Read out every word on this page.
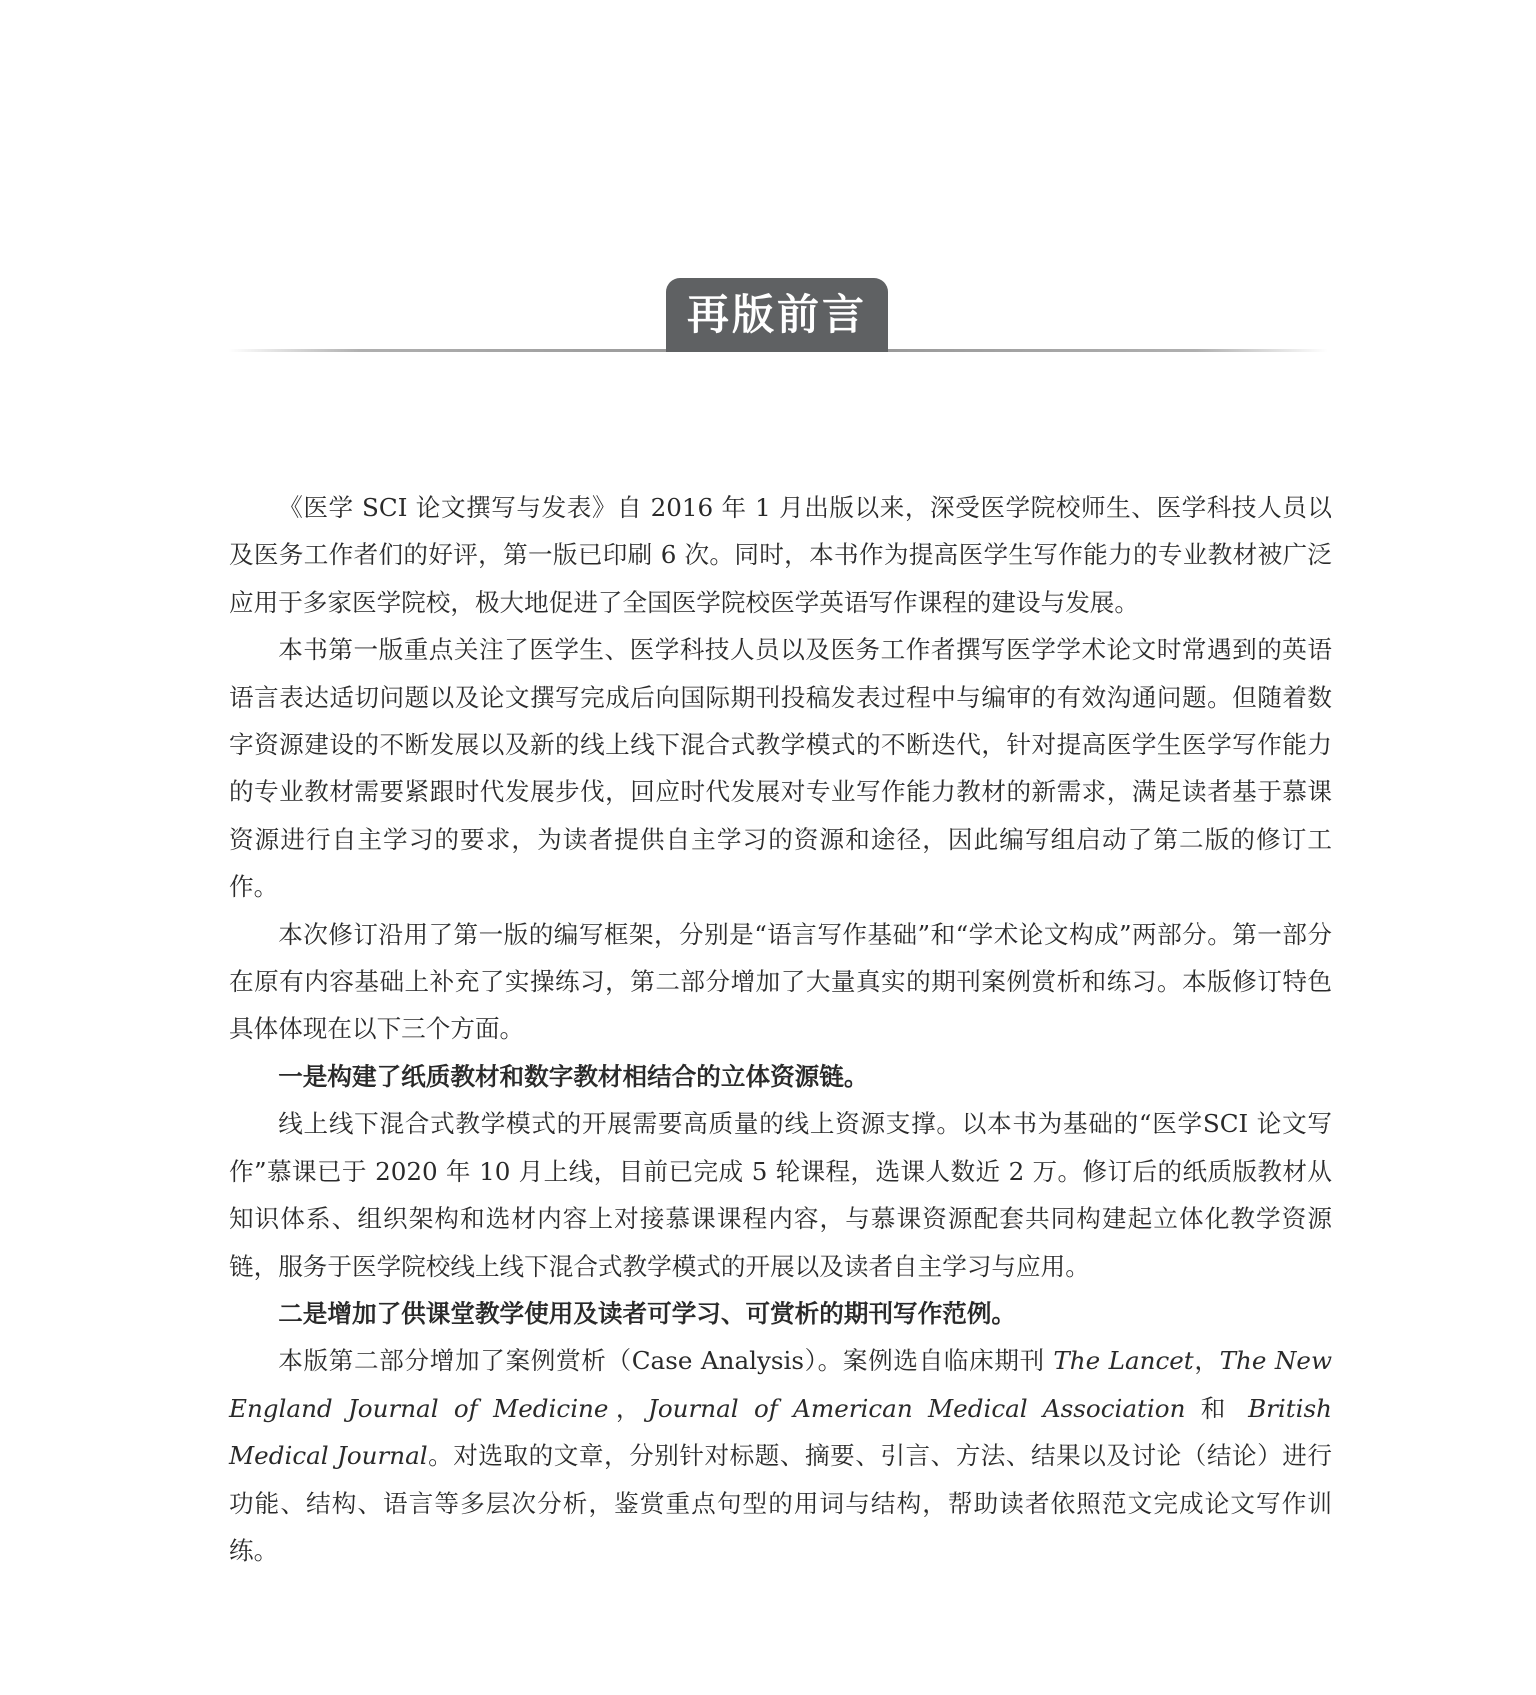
再版前言

《医学 SCI 论文撰写与发表》自 2016 年 1 月出版以来，深受医学院校师生、医学科技人员以及医务工作者们的好评，第一版已印刷 6 次。同时，本书作为提高医学生写作能力的专业教材被广泛应用于多家医学院校，极大地促进了全国医学院校医学英语写作课程的建设与发展。

本书第一版重点关注了医学生、医学科技人员以及医务工作者撰写医学学术论文时常遇到的英语语言表达适切问题以及论文撰写完成后向国际期刊投稿发表过程中与编审的有效沟通问题。但随着数字资源建设的不断发展以及新的线上线下混合式教学模式的不断迭代，针对提高医学生医学写作能力的专业教材需要紧跟时代发展步伐，回应时代发展对专业写作能力教材的新需求，满足读者基于慕课资源进行自主学习的要求，为读者提供自主学习的资源和途径，因此编写组启动了第二版的修订工作。

本次修订沿用了第一版的编写框架，分别是“语言写作基础”和“学术论文构成”两部分。第一部分在原有内容基础上补充了实操练习，第二部分增加了大量真实的期刊案例赏析和练习。本版修订特色具体体现在以下三个方面。

一是构建了纸质教材和数字教材相结合的立体资源链。

线上线下混合式教学模式的开展需要高质量的线上资源支撑。以本书为基础的“医学SCI 论文写作”慕课已于 2020 年 10 月上线，目前已完成 5 轮课程，选课人数近 2 万。修订后的纸质版教材从知识体系、组织架构和选材内容上对接慕课课程内容，与慕课资源配套共同构建起立体化教学资源链，服务于医学院校线上线下混合式教学模式的开展以及读者自主学习与应用。

二是增加了供课堂教学使用及读者可学习、可赏析的期刊写作范例。

本版第二部分增加了案例赏析（Case Analysis）。案例选自临床期刊 The Lancet，The New England Journal of Medicine，Journal of American Medical Association 和 British Medical Journal。对选取的文章，分别针对标题、摘要、引言、方法、结果以及讨论（结论）进行功能、结构、语言等多层次分析，鉴赏重点句型的用词与结构，帮助读者依照范文完成论文写作训练。
